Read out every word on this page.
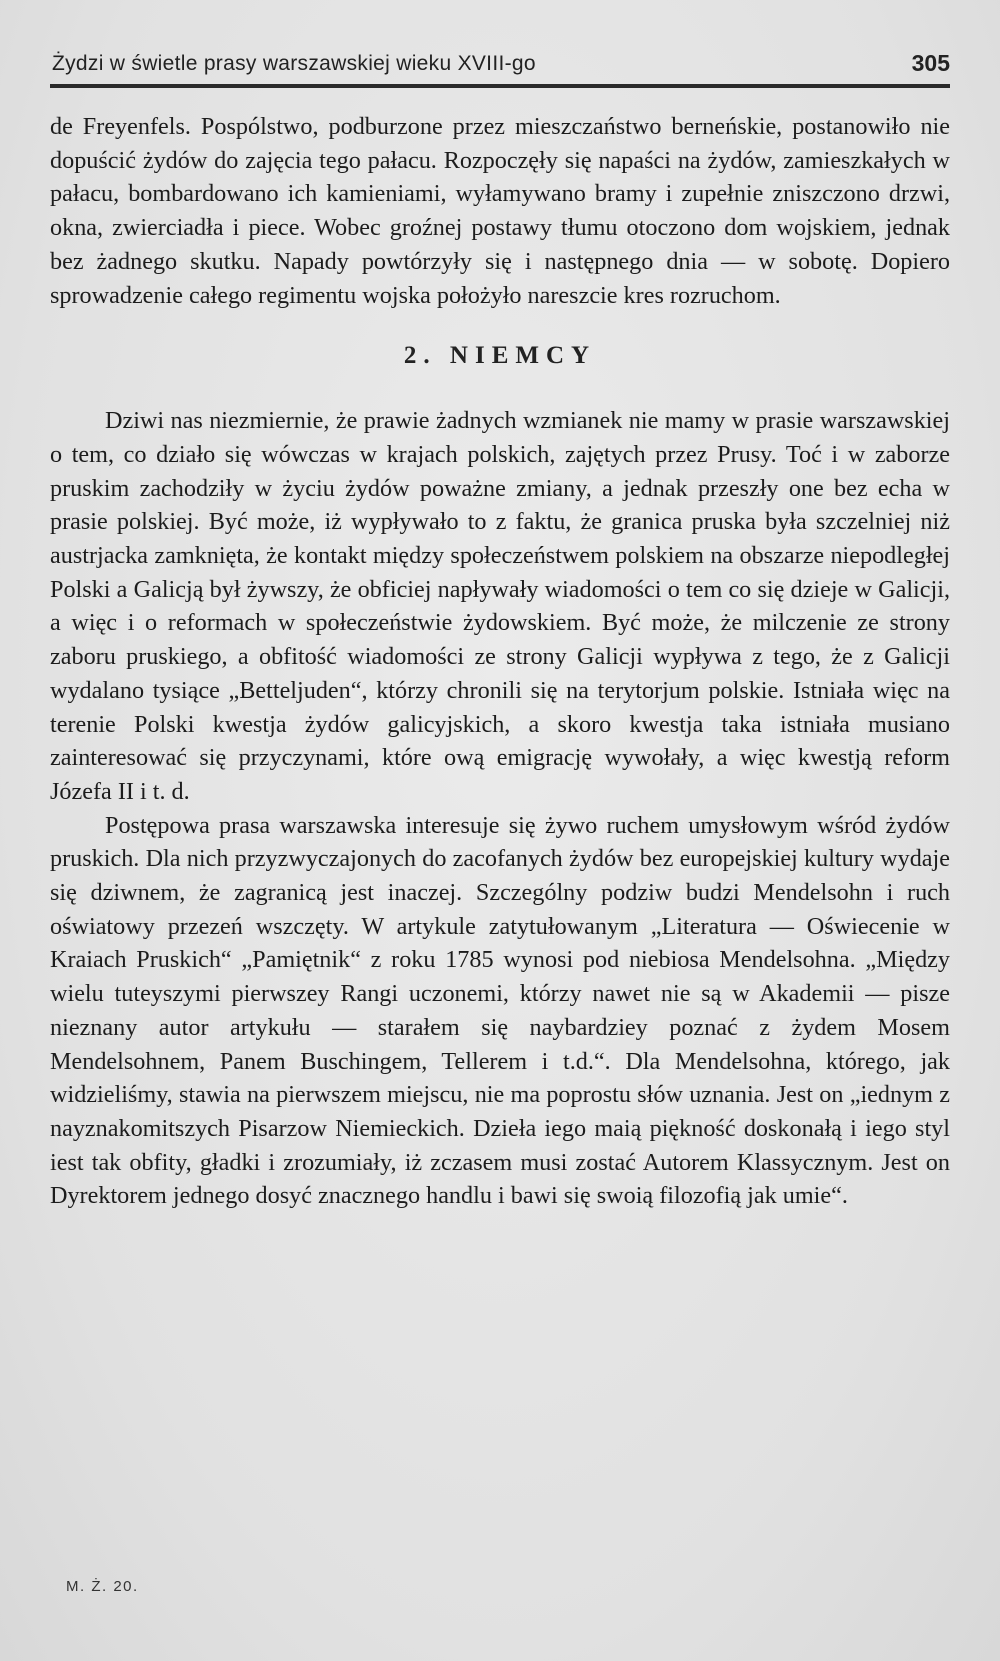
Żydzi w świetle prasy warszawskiej wieku XVIII-go	305

de Freyenfels. Pospólstwo, podburzone przez mieszczaństwo berneńskie, postanowiło nie dopuścić żydów do zajęcia tego pałacu. Rozpoczęły się napaści na żydów, zamieszkałych w pałacu, bombardowano ich kamieniami, wyłamywano bramy i zupełnie zniszczono drzwi, okna, zwierciadła i piece. Wobec groźnej postawy tłumu otoczono dom wojskiem, jednak bez żadnego skutku. Napady powtórzyły się i następnego dnia — w sobotę. Dopiero sprowadzenie całego regimentu wojska położyło nareszcie kres rozruchom.

2. NIEMCY

Dziwi nas niezmiernie, że prawie żadnych wzmianek nie mamy w prasie warszawskiej o tem, co działo się wówczas w krajach polskich, zajętych przez Prusy. Toć i w zaborze pruskim zachodziły w życiu żydów poważne zmiany, a jednak przeszły one bez echa w prasie polskiej. Być może, iż wypływało to z faktu, że granica pruska była szczelniej niż austrjacka zamknięta, że kontakt między społeczeństwem polskiem na obszarze niepodległej Polski a Galicją był żywszy, że obficiej napływały wiadomości o tem co się dzieje w Galicji, a więc i o reformach w społeczeństwie żydowskiem. Być może, że milczenie ze strony zaboru pruskiego, a obfitość wiadomości ze strony Galicji wypływa z tego, że z Galicji wydalano tysiące „Betteljuden“, którzy chronili się na terytorjum polskie. Istniała więc na terenie Polski kwestja żydów galicyjskich, a skoro kwestja taka istniała musiano zainteresować się przyczynami, które ową emigrację wywołały, a więc kwestją reform Józefa II i t. d.

Postępowa prasa warszawska interesuje się żywo ruchem umysłowym wśród żydów pruskich. Dla nich przyzwyczajonych do zacofanych żydów bez europejskiej kultury wydaje się dziwnem, że zagranicą jest inaczej. Szczególny podziw budzi Mendelsohn i ruch oświatowy przezeń wszczęty. W artykule zatytułowanym „Literatura — Oświecenie w Kraiach Pruskich“ „Pamiętnik“ z roku 1785 wynosi pod niebiosa Mendelsohna. „Między wielu tuteyszymi pierwszey Rangi uczonemi, którzy nawet nie są w Akademii — pisze nieznany autor artykułu — starałem się naybardziey poznać z żydem Mosem Mendelsohnem, Panem Buschingem, Tellerem i t.d.“. Dla Mendelsohna, którego, jak widzieliśmy, stawia na pierwszem miejscu, nie ma poprostu słów uznania. Jest on „iednym z nayznakomitszych Pisarzow Niemieckich. Dzieła iego maią piękność doskonałą i iego styl iest tak obfity, gładki i zrozumiały, iż zczasem musi zostać Autorem Klassycznym. Jest on Dyrektorem jednego dosyć znacznego handlu i bawi się swoią filozofią jak umie“.

M. Ż. 20.
